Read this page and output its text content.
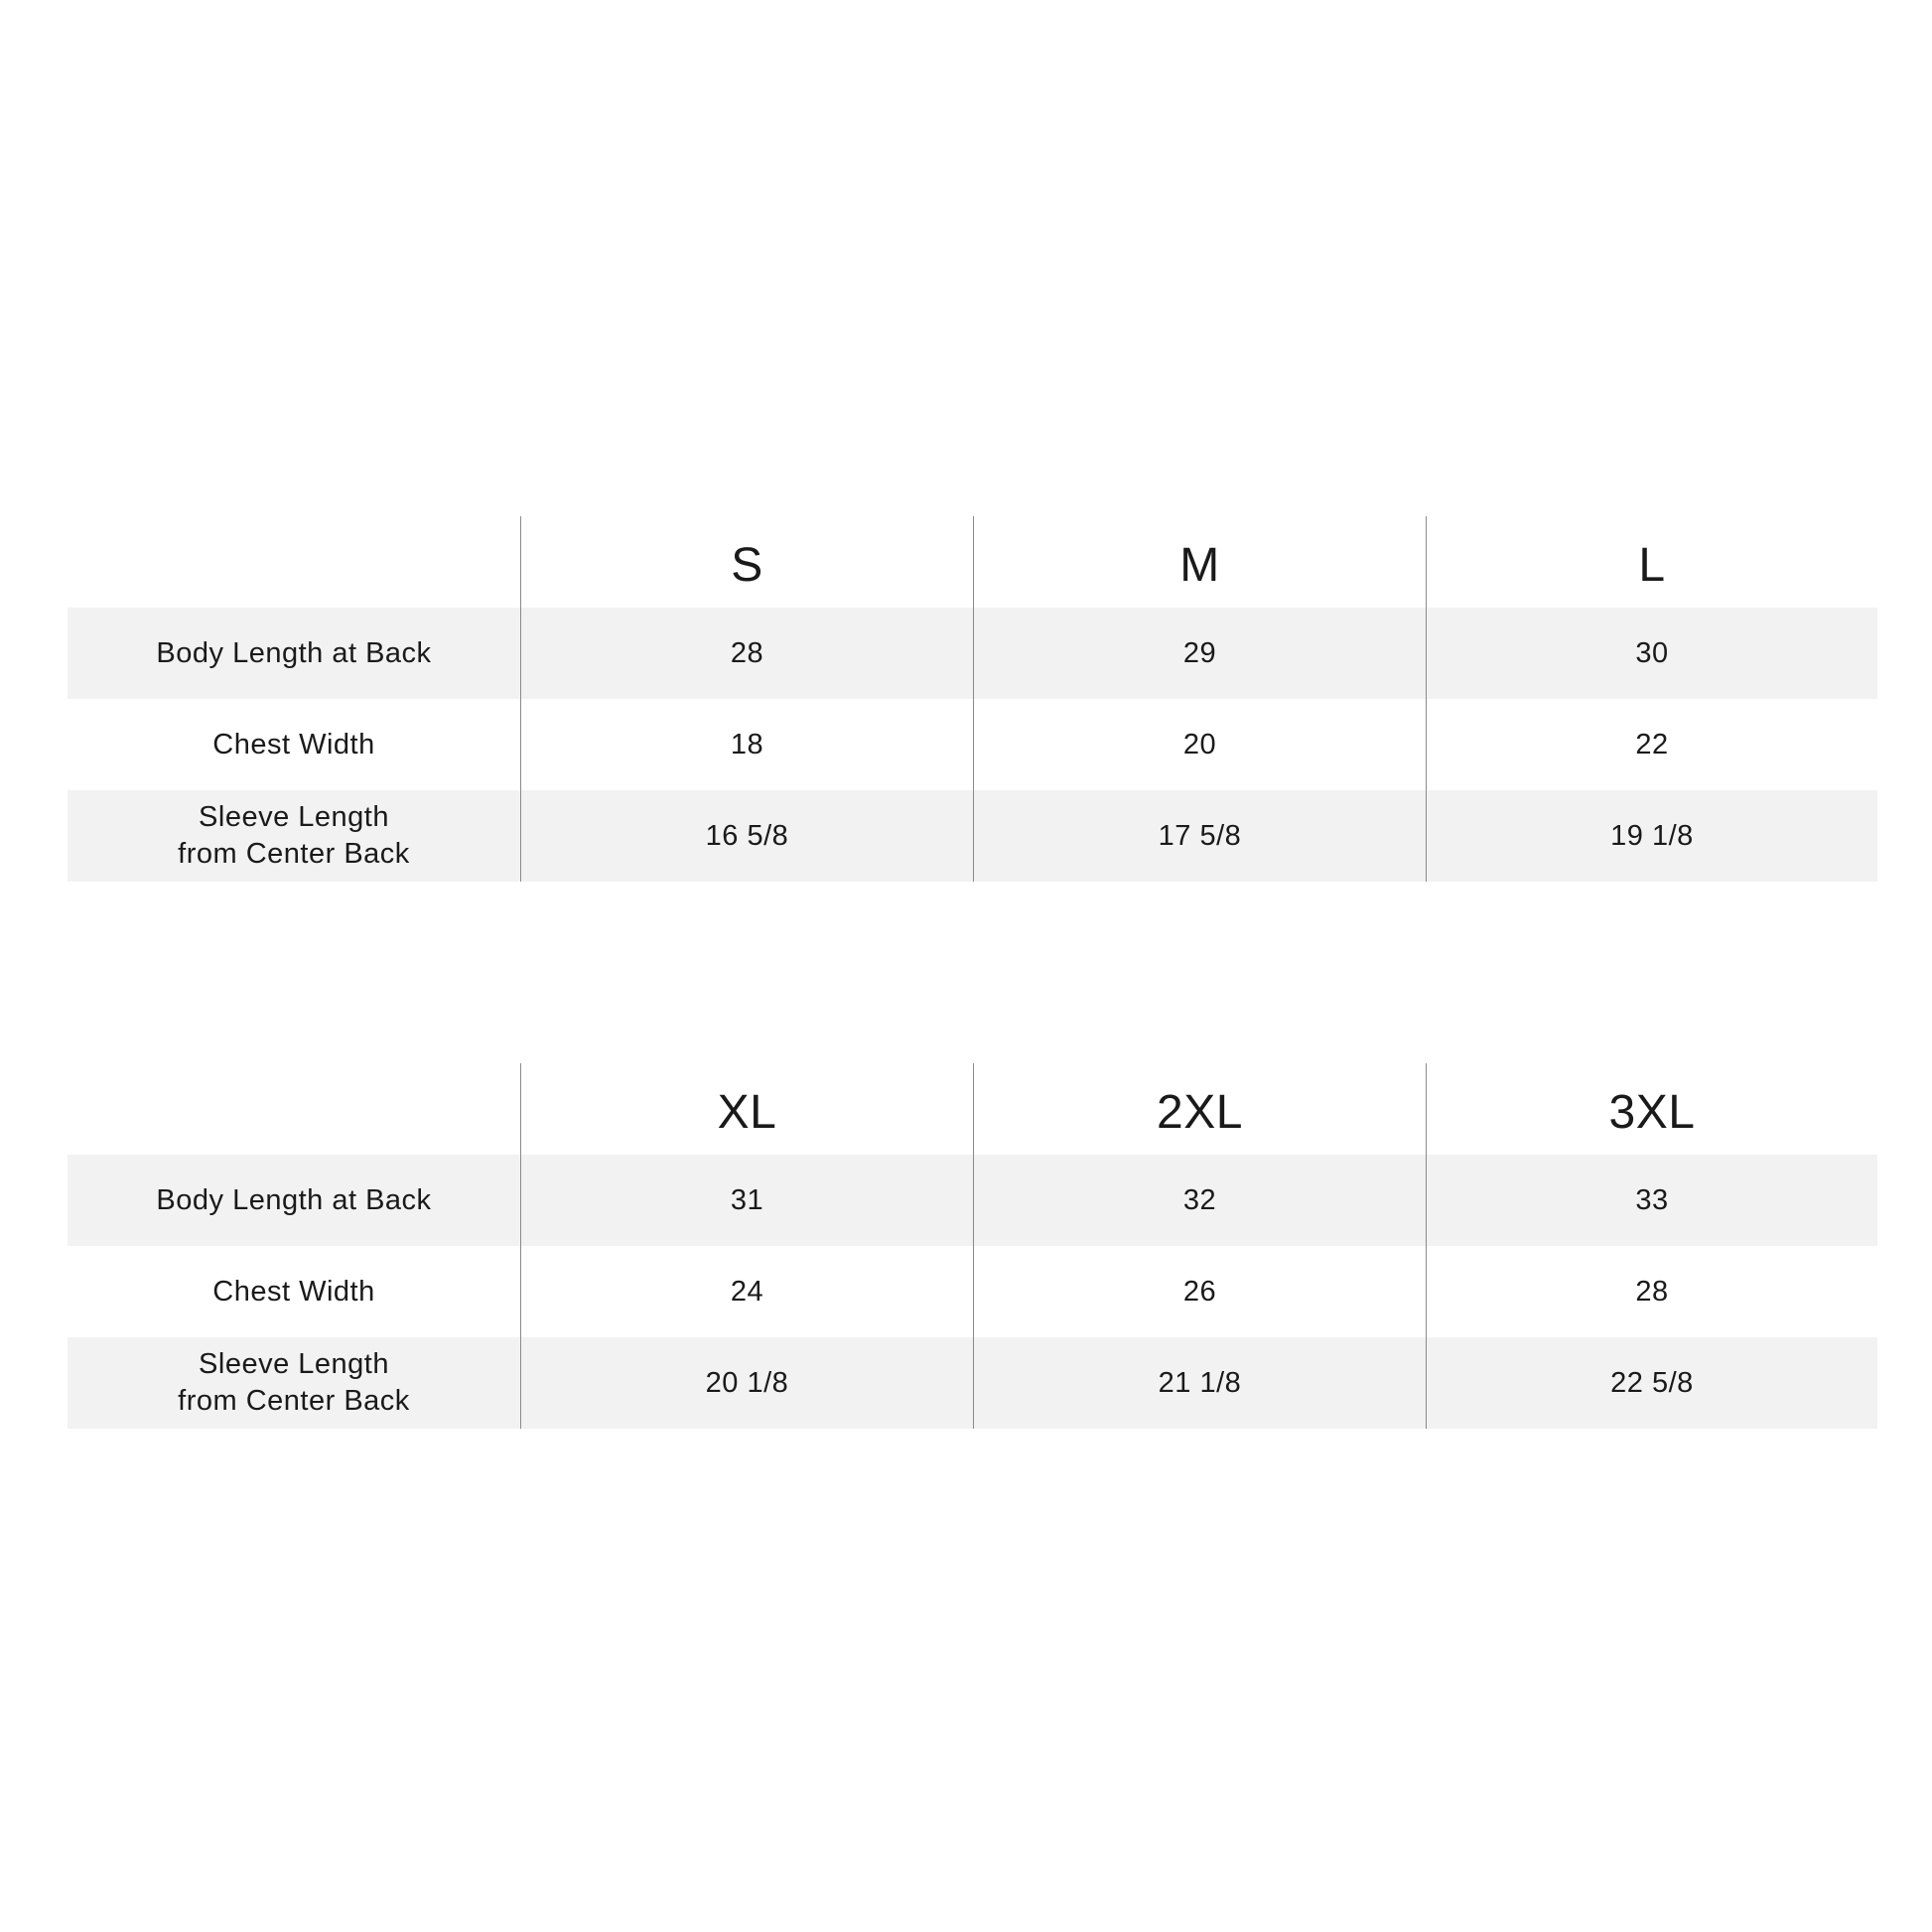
S	M	L
Body Length at Back	28	29	30
Chest Width	18	20	22
Sleeve Length
from Center Back
16 5/8	17 5/8	19 1/8
XL	2XL	3XL
Body Length at Back	31	32	33
Chest Width	24	26	28
Sleeve Length
from Center Back
20 1/8	21 1/8	22 5/8
